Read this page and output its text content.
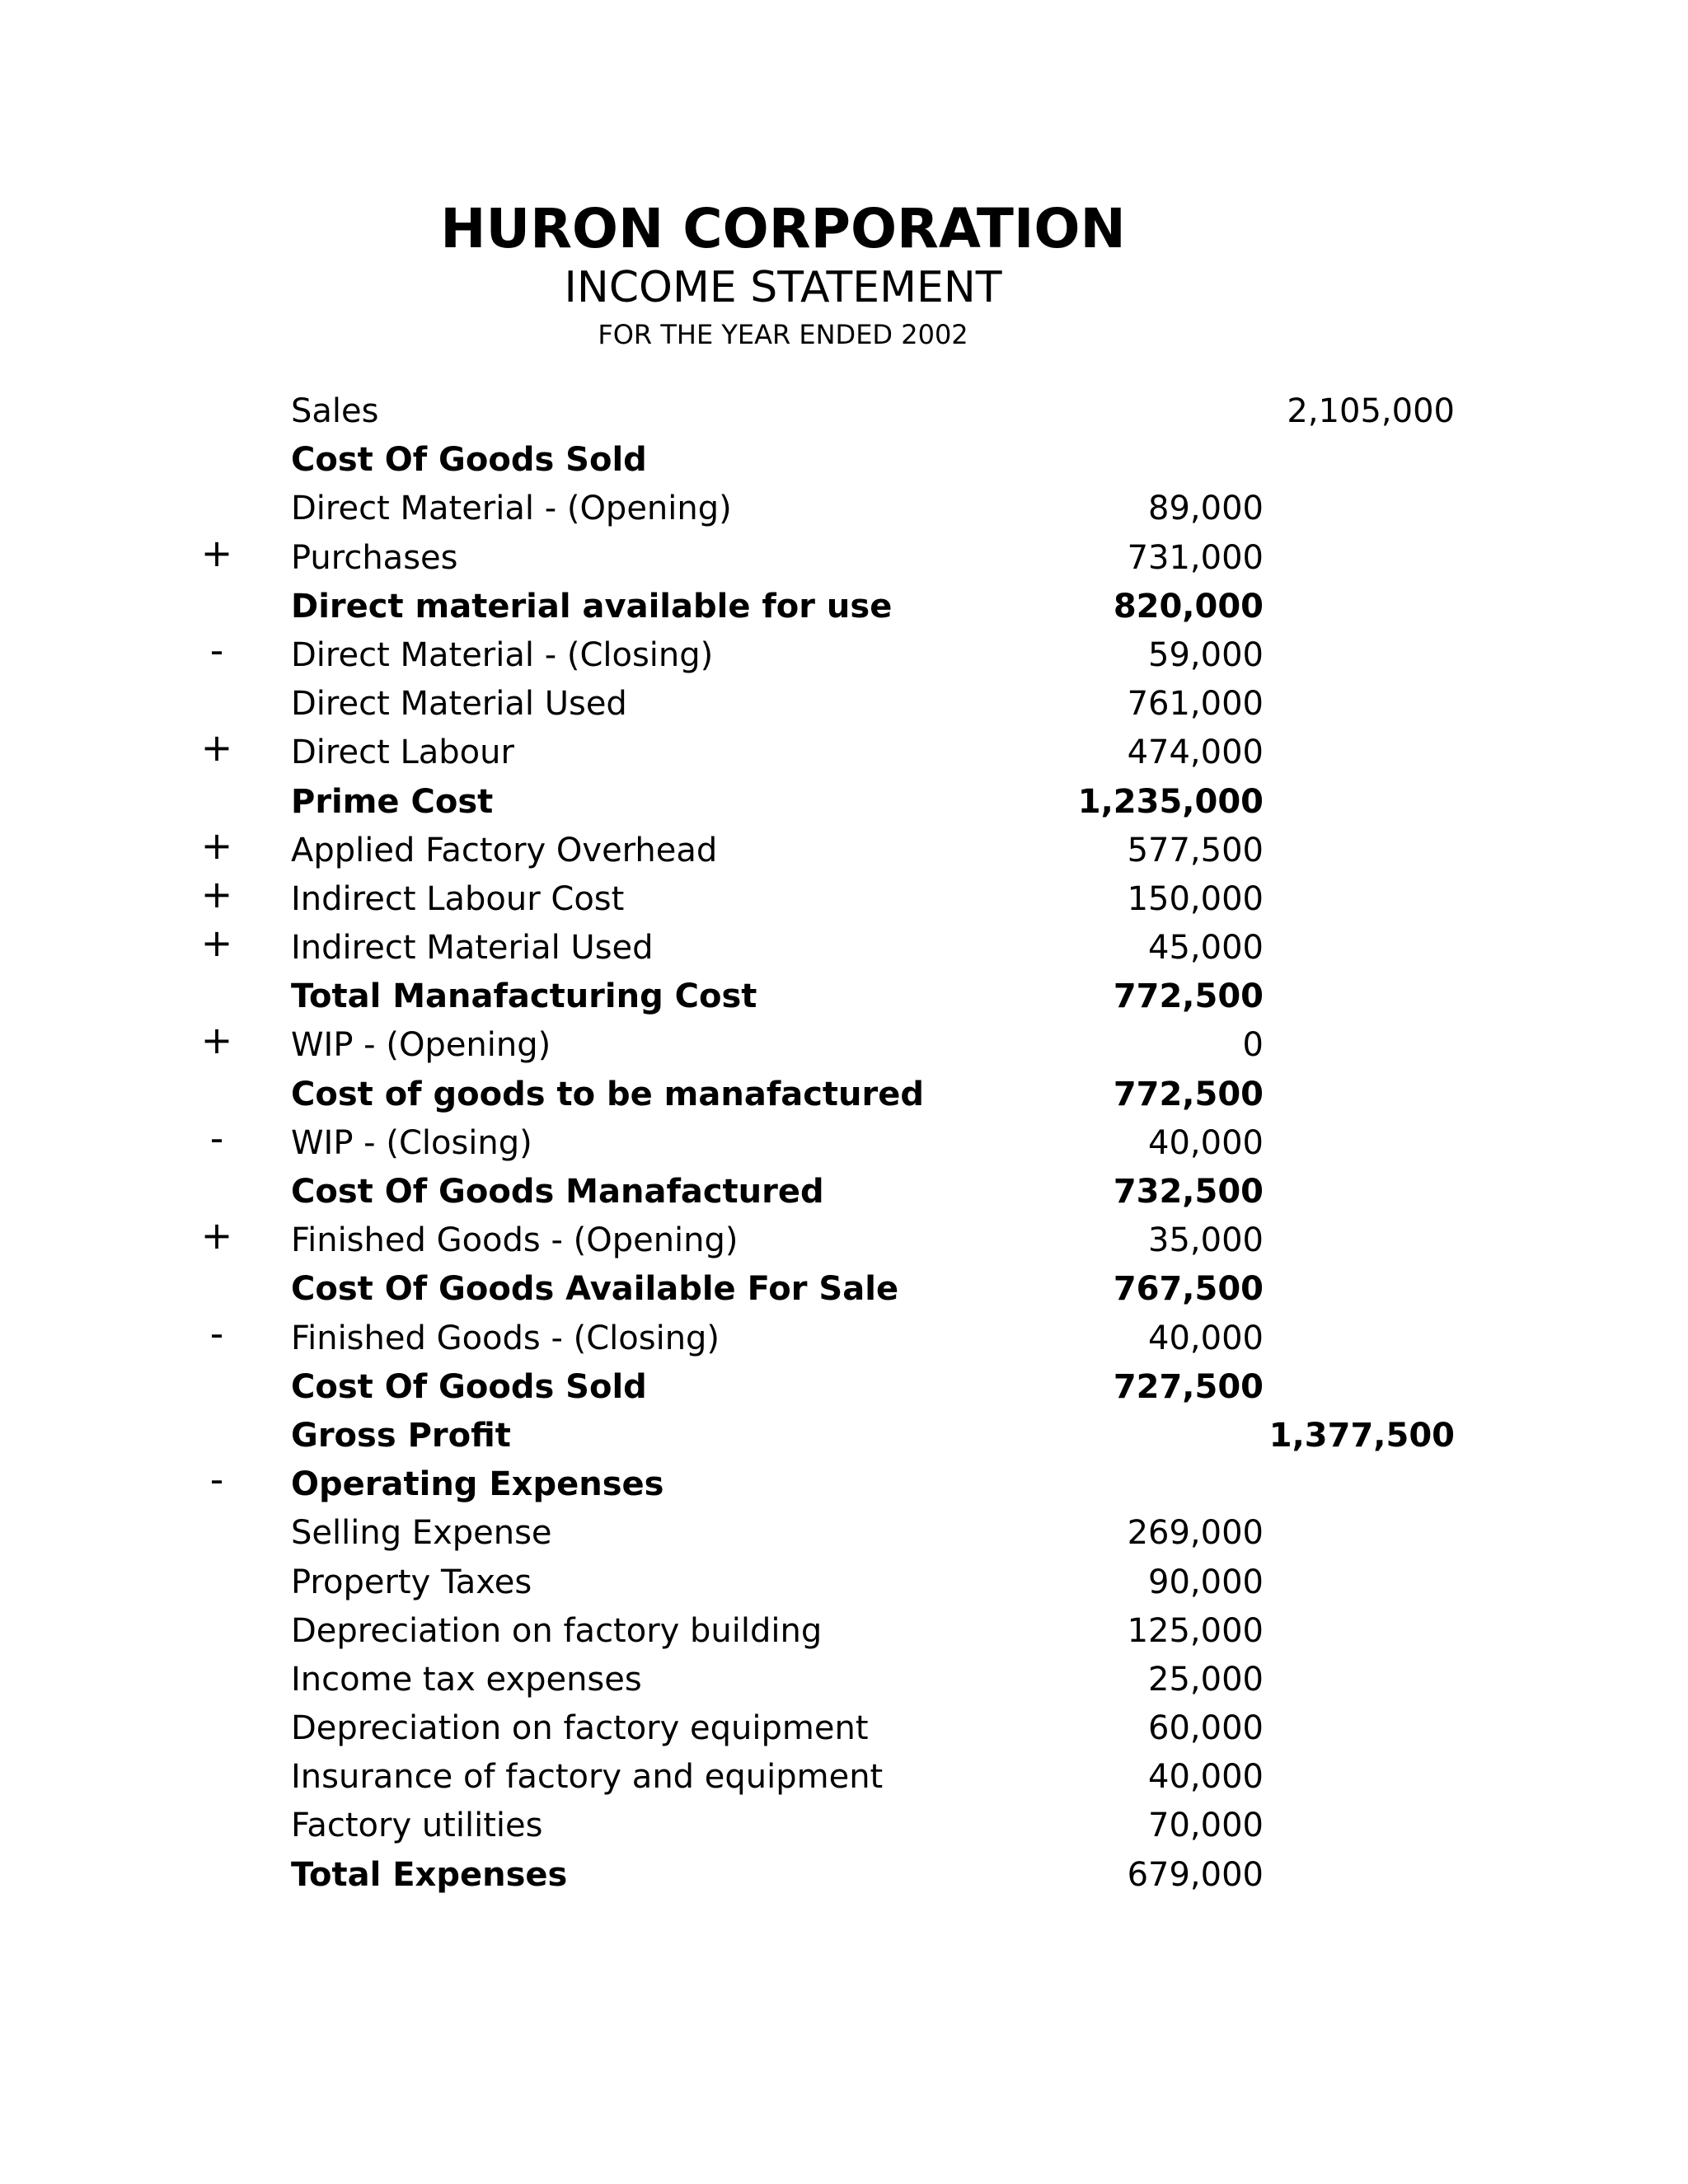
HURON CORPORATION
INCOME STATEMENT
FOR THE YEAR ENDED 2002
Sales	2,105,000
Cost Of Goods Sold
Direct Material - (Opening)	89,000
+ Purchases	731,000
Direct material available for use	820,000
- Direct Material - (Closing)	59,000
Direct Material Used	761,000
+ Direct Labour	474,000
Prime Cost	1,235,000
+ Applied Factory Overhead	577,500
+ Indirect Labour Cost	150,000
+ Indirect Material Used	45,000
Total Manafacturing Cost	772,500
+ WIP - (Opening)	0
Cost of goods to be manafactured	772,500
- WIP - (Closing)	40,000
Cost Of Goods Manafactured	732,500
+ Finished Goods - (Opening)	35,000
Cost Of Goods Available For Sale	767,500
- Finished Goods - (Closing)	40,000
Cost Of Goods Sold	727,500
Gross Profit	1,377,500
- Operating Expenses
Selling Expense	269,000
Property Taxes	90,000
Depreciation on factory building	125,000
Income tax expenses	25,000
Depreciation on factory equipment	60,000
Insurance of factory and equipment	40,000
Factory utilities	70,000
Total Expenses	679,000
